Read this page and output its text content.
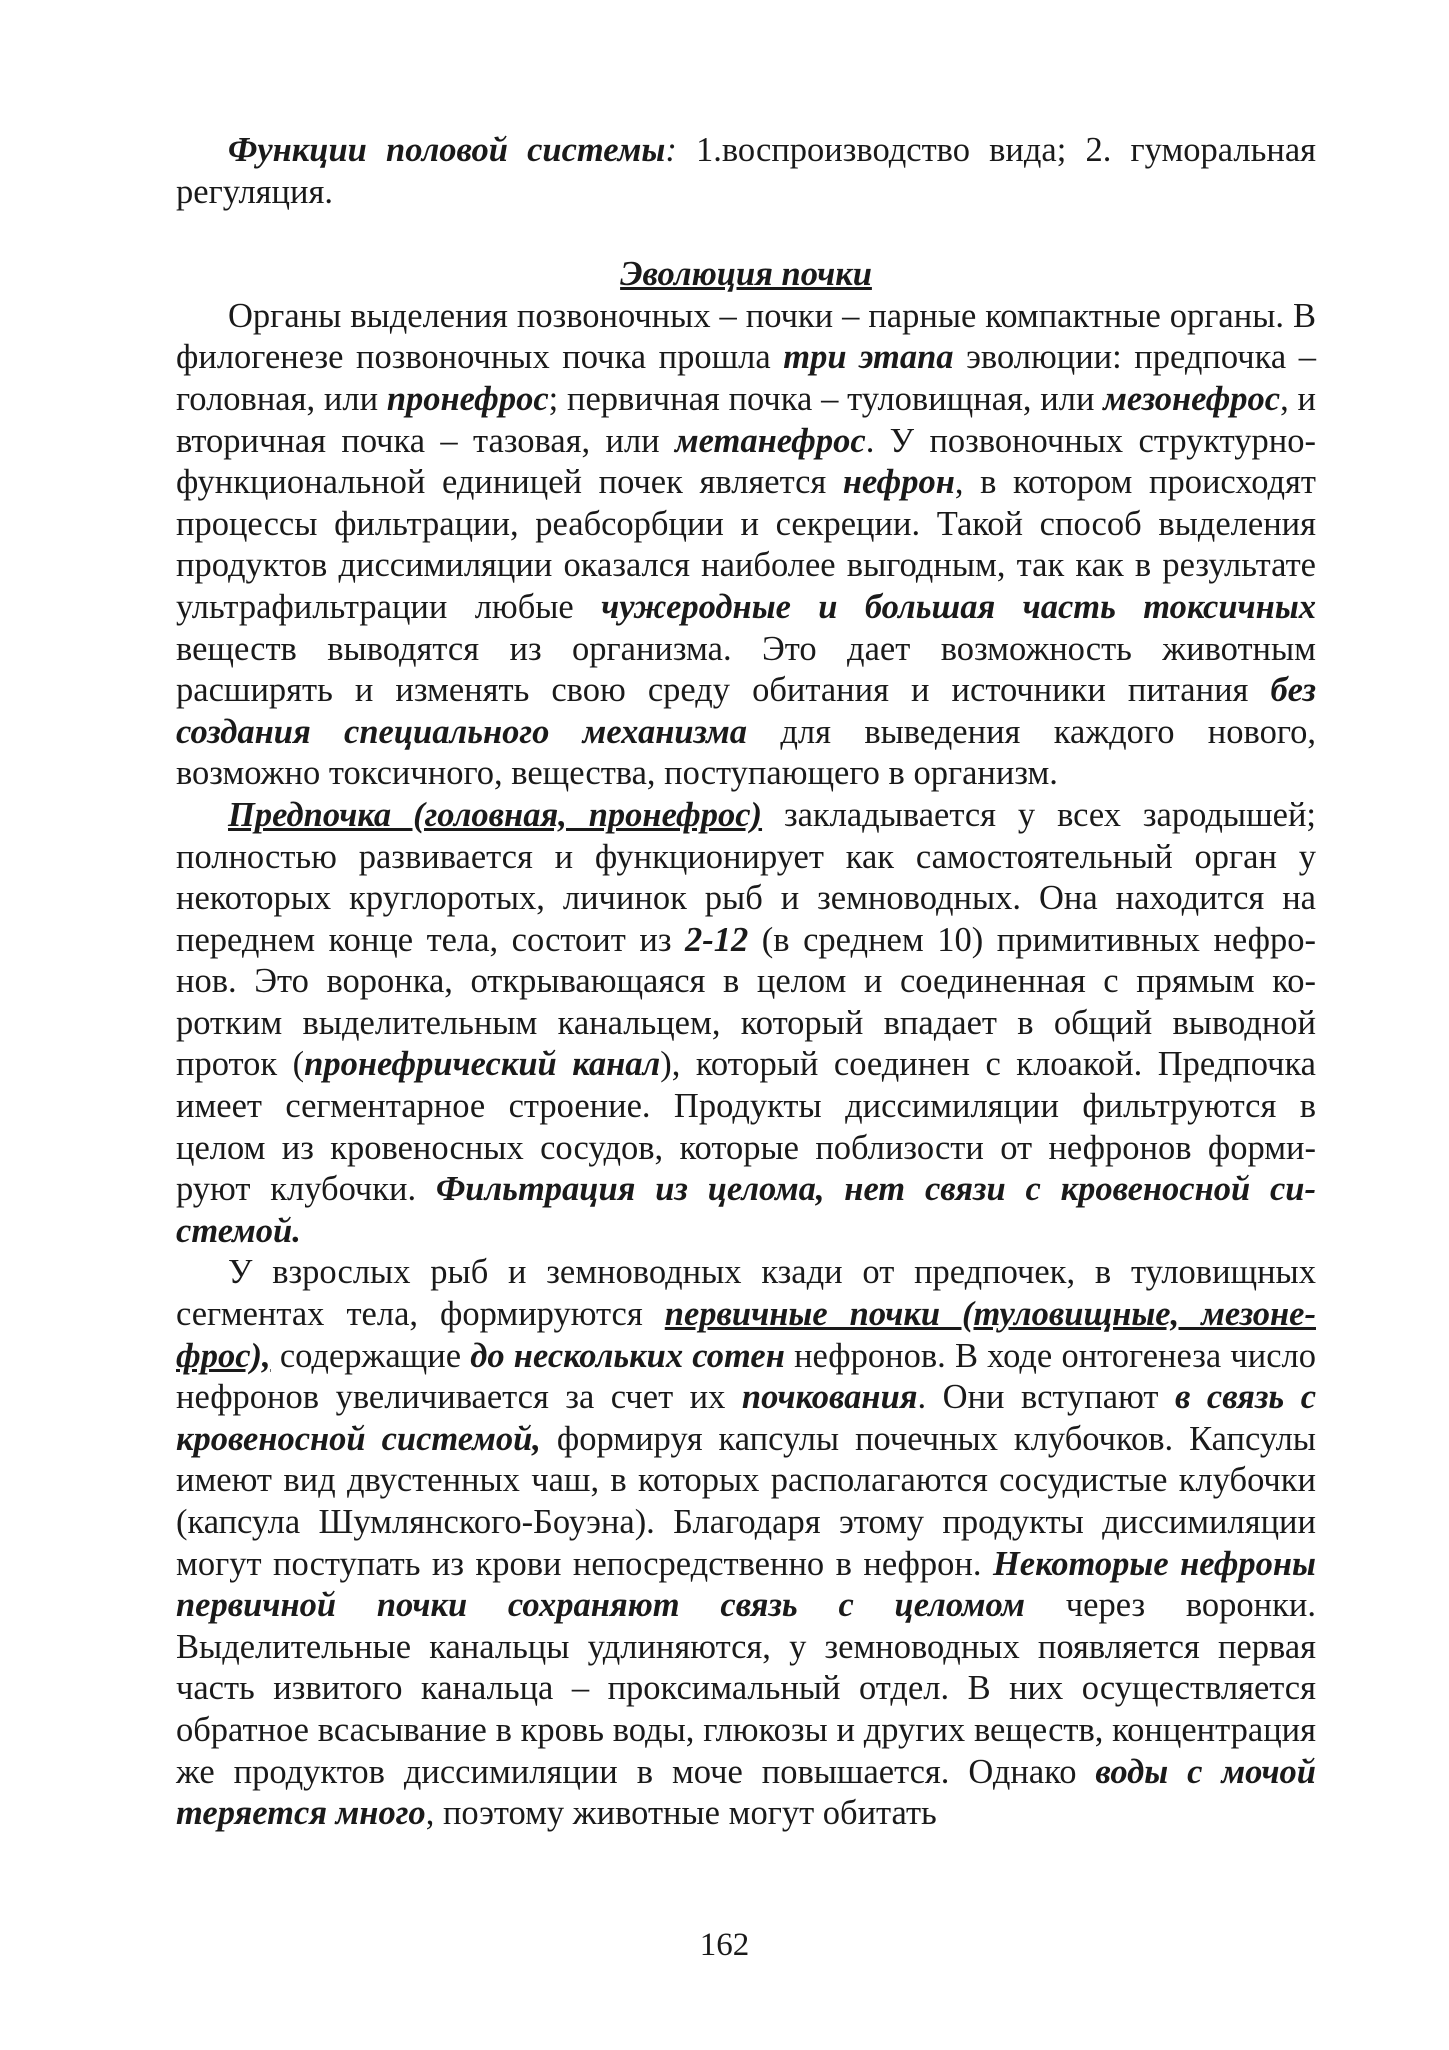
Функции половой системы: 1.воспроизводство вида; 2. гуморальная регуляция.

Эволюция почки

Органы выделения позвоночных – почки – парные компактные органы. В филогенезе позвоночных почка прошла три этапа эволюции: предпочка – головная, или пронефрос; первичная почка – туловищная, или мезонефрос, и вторичная почка – тазовая, или метанефрос. У позвоночных структурно-функциональной единицей почек является нефрон, в котором происходят процессы фильтрации, реабсорбции и секреции. Такой способ выделения продуктов диссимиляции оказался наиболее выгодным, так как в результате ультрафильтрации любые чужеродные и большая часть токсичных веществ выводятся из организма. Это дает возможность животным расширять и изменять свою среду обитания и источники питания без создания специального механизма для выведения каждого нового, возможно токсичного, вещества, поступающего в организм.

Предпочка (головная, пронефрос) закладывается у всех зародышей; полностью развивается и функционирует как самостоятельный орган у некоторых круглоротых, личинок рыб и земноводных. Она находится на переднем конце тела, состоит из 2-12 (в среднем 10) примитивных нефронов. Это воронка, открывающаяся в целом и соединенная с прямым коротким выделительным канальцем, который впадает в общий выводной проток (пронефрический канал), который соединен с клоакой. Предпочка имеет сегментарное строение. Продукты диссимиляции фильтруются в целом из кровеносных сосудов, которые поблизости от нефронов формируют клубочки. Фильтрация из целома, нет связи с кровеносной системой.

У взрослых рыб и земноводных кзади от предпочек, в туловищных сегментах тела, формируются первичные почки (туловищные, мезонефрос), содержащие до нескольких сотен нефронов. В ходе онтогенеза число нефронов увеличивается за счет их почкования. Они вступают в связь с кровеносной системой, формируя капсулы почечных клубочков. Капсулы имеют вид двустенных чаш, в которых располагаются сосудистые клубочки (капсула Шумлянского-Боуэна). Благодаря этому продукты диссимиляции могут поступать из крови непосредственно в нефрон. Некоторые нефроны первичной почки сохраняют связь с целомом через воронки. Выделительные канальцы удлиняются, у земноводных появляется первая часть извитого канальца – проксимальный отдел. В них осуществляется обратное всасывание в кровь воды, глюкозы и других веществ, концентрация же продуктов диссимиляции в моче повышается. Однако воды с мочой теряется много, поэтому животные могут обитать

162
